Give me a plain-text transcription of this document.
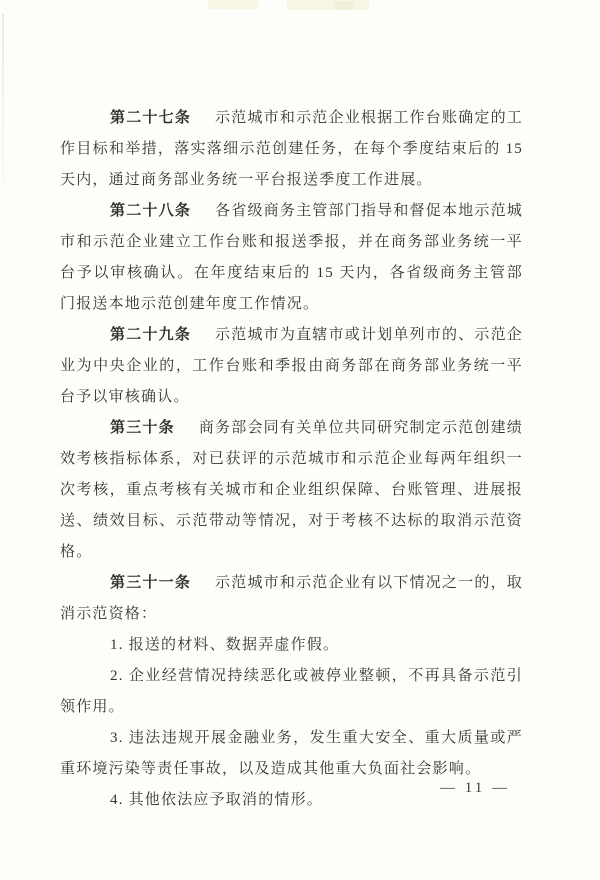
第二十七条 示范城市和示范企业根据工作台账确定的工作目标和举措，落实落细示范创建任务，在每个季度结束后的 15 天内，通过商务部业务统一平台报送季度工作进展。

第二十八条 各省级商务主管部门指导和督促本地示范城市和示范企业建立工作台账和报送季报，并在商务部业务统一平台予以审核确认。在年度结束后的 15 天内，各省级商务主管部门报送本地示范创建年度工作情况。

第二十九条 示范城市为直辖市或计划单列市的、示范企业为中央企业的，工作台账和季报由商务部在商务部业务统一平台予以审核确认。

第三十条 商务部会同有关单位共同研究制定示范创建绩效考核指标体系，对已获评的示范城市和示范企业每两年组织一次考核，重点考核有关城市和企业组织保障、台账管理、进展报送、绩效目标、示范带动等情况，对于考核不达标的取消示范资格。

第三十一条 示范城市和示范企业有以下情况之一的，取消示范资格：

1. 报送的材料、数据弄虚作假。

2. 企业经营情况持续恶化或被停业整顿，不再具备示范引领作用。

3. 违法违规开展金融业务，发生重大安全、重大质量或严重环境污染等责任事故，以及造成其他重大负面社会影响。

4. 其他依法应予取消的情形。

— 11 —
